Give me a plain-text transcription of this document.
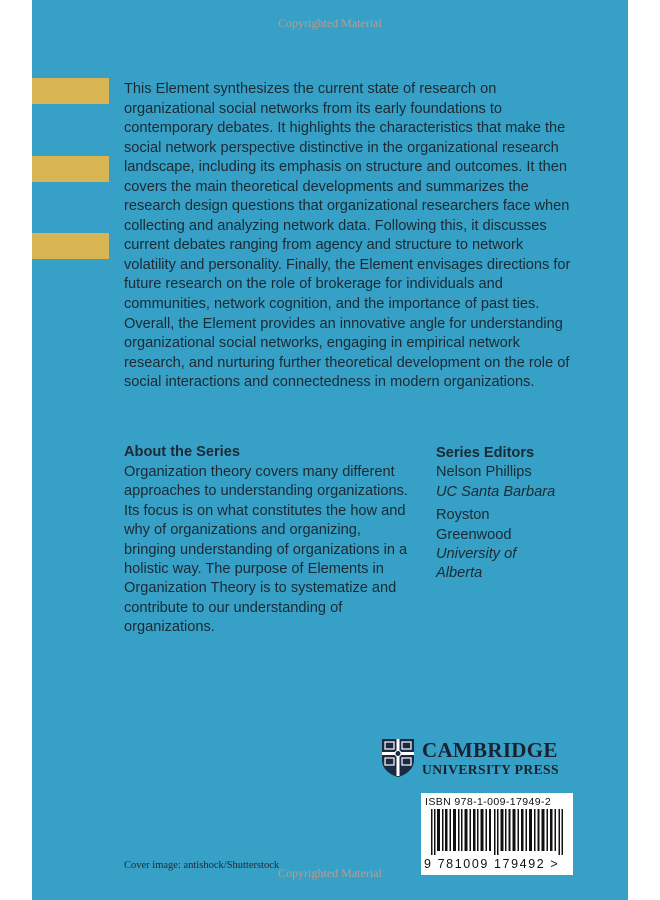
Copyrighted Material

This Element synthesizes the current state of research on organizational social networks from its early foundations to contemporary debates. It highlights the characteristics that make the social network perspective distinctive in the organizational research landscape, including its emphasis on structure and outcomes. It then covers the main theoretical developments and summarizes the research design questions that organizational researchers face when collecting and analyzing network data. Following this, it discusses current debates ranging from agency and structure to network volatility and personality. Finally, the Element envisages directions for future research on the role of brokerage for individuals and communities, network cognition, and the importance of past ties. Overall, the Element provides an innovative angle for understanding organizational social networks, engaging in empirical network research, and nurturing further theoretical development on the role of social interactions and connectedness in modern organizations.

About the Series

Organization theory covers many different approaches to understanding organizations. Its focus is on what constitutes the how and why of organizations and organizing, bringing understanding of organizations in a holistic way. The purpose of Elements in Organization Theory is to systematize and contribute to our understanding of organizations.

Series Editors
Nelson Phillips
UC Santa Barbara
Royston Greenwood
University of Alberta
CAMBRIDGE
UNIVERSITY PRESS
ISBN 978-1-009-17949-2
9 781009 179492 >
Cover image: antishock/Shutterstock
Copyrighted Material
